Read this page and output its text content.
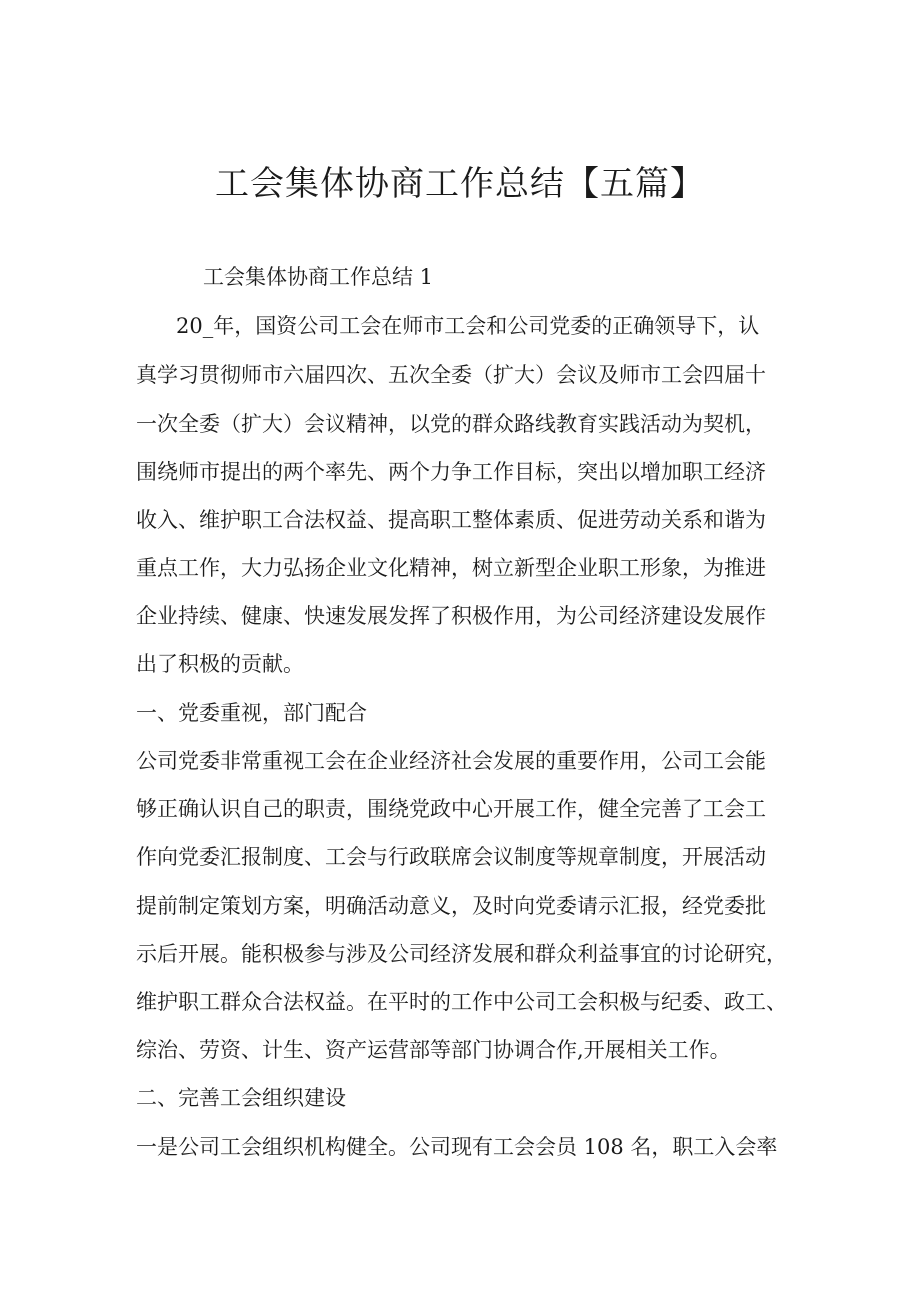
工会集体协商工作总结【五篇】

工会集体协商工作总结 1

20_年，国资公司工会在师市工会和公司党委的正确领导下，认

真学习贯彻师市六届四次、五次全委（扩大）会议及师市工会四届十

一次全委（扩大）会议精神，以党的群众路线教育实践活动为契机，

围绕师市提出的两个率先、两个力争工作目标，突出以增加职工经济

收入、维护职工合法权益、提高职工整体素质、促进劳动关系和谐为

重点工作，大力弘扬企业文化精神，树立新型企业职工形象，为推进

企业持续、健康、快速发展发挥了积极作用，为公司经济建设发展作

出了积极的贡献。

一、党委重视，部门配合

公司党委非常重视工会在企业经济社会发展的重要作用，公司工会能

够正确认识自己的职责，围绕党政中心开展工作，健全完善了工会工

作向党委汇报制度、工会与行政联席会议制度等规章制度，开展活动

提前制定策划方案，明确活动意义，及时向党委请示汇报，经党委批

示后开展。能积极参与涉及公司经济发展和群众利益事宜的讨论研究，

维护职工群众合法权益。在平时的工作中公司工会积极与纪委、政工、

综治、劳资、计生、资产运营部等部门协调合作,开展相关工作。

二、完善工会组织建设

一是公司工会组织机构健全。公司现有工会会员 108 名，职工入会率
